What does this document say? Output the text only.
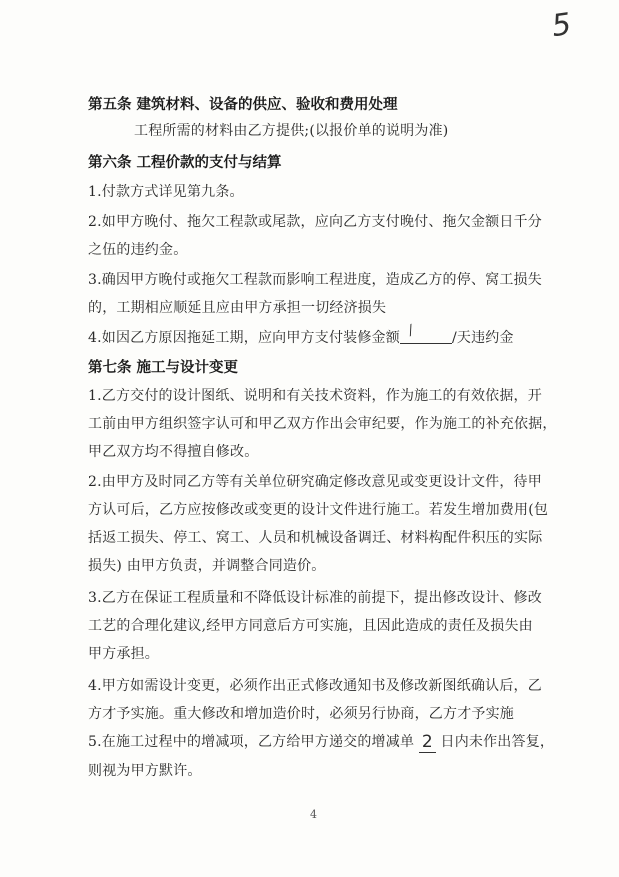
5
第五条 建筑材料、设备的供应、验收和费用处理
工程所需的材料由乙方提供;(以报价单的说明为准)
第六条 工程价款的支付与结算
1.付款方式详见第九条。
2.如甲方晚付、拖欠工程款或尾款，应向乙方支付晚付、拖欠金额日千分
之伍的违约金。
3.确因甲方晚付或拖欠工程款而影响工程进度，造成乙方的停、窝工损失
的，工期相应顺延且应由甲方承担一切经济损失
4.如因乙方原因拖延工期，应向甲方支付装修金额 ⁄	/天违约金
第七条 施工与设计变更
1.乙方交付的设计图纸、说明和有关技术资料，作为施工的有效依据，开
工前由甲方组织签字认可和甲乙双方作出会审纪要，作为施工的补充依据，
甲乙双方均不得擅自修改。
2.由甲方及时同乙方等有关单位研究确定修改意见或变更设计文件，待甲
方认可后，乙方应按修改或变更的设计文件进行施工。若发生增加费用(包
括返工损失、停工、窝工、人员和机械设备调迁、材料构配件积压的实际
损失) 由甲方负责，并调整合同造价。
3.乙方在保证工程质量和不降低设计标准的前提下，提出修改设计、修改
工艺的合理化建议,经甲方同意后方可实施，且因此造成的责任及损失由
甲方承担。
4.甲方如需设计变更，必须作出正式修改通知书及修改新图纸确认后，乙
方才予实施。重大修改和增加造价时，必须另行协商，乙方才予实施
5.在施工过程中的增减项，乙方给甲方递交的增减单 2 日内未作出答复，
则视为甲方默许。
4
